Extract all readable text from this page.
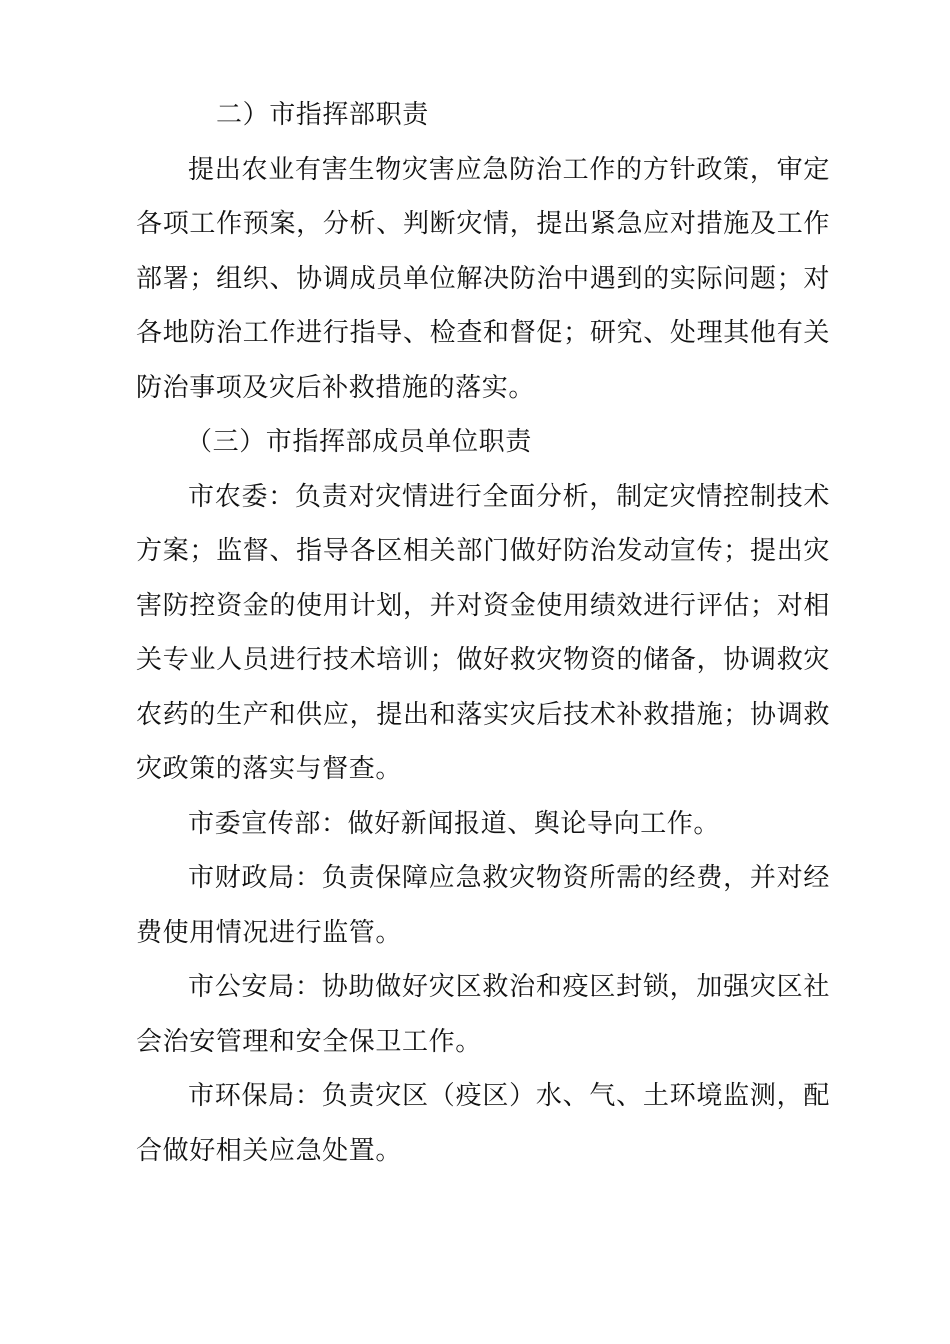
二）市指挥部职责

提出农业有害生物灾害应急防治工作的方针政策，审定各项工作预案，分析、判断灾情，提出紧急应对措施及工作部署；组织、协调成员单位解决防治中遇到的实际问题；对各地防治工作进行指导、检查和督促；研究、处理其他有关防治事项及灾后补救措施的落实。

（三）市指挥部成员单位职责

市农委：负责对灾情进行全面分析，制定灾情控制技术方案；监督、指导各区相关部门做好防治发动宣传；提出灾害防控资金的使用计划，并对资金使用绩效进行评估；对相关专业人员进行技术培训；做好救灾物资的储备，协调救灾农药的生产和供应，提出和落实灾后技术补救措施；协调救灾政策的落实与督查。

市委宣传部：做好新闻报道、舆论导向工作。

市财政局：负责保障应急救灾物资所需的经费，并对经费使用情况进行监管。

市公安局：协助做好灾区救治和疫区封锁，加强灾区社会治安管理和安全保卫工作。

市环保局：负责灾区（疫区）水、气、土环境监测，配合做好相关应急处置。
